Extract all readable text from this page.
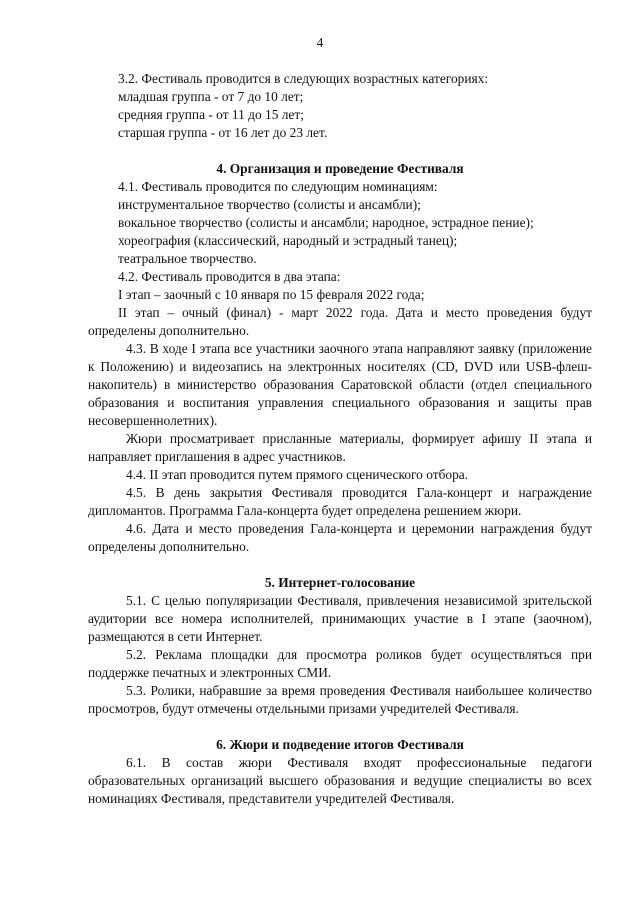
4

3.2. Фестиваль проводится в следующих возрастных категориях:

младшая группа - от 7 до 10 лет;

средняя группа - от 11 до 15 лет;

старшая группа - от 16 лет до 23 лет.

4. Организация и проведение Фестиваля

4.1. Фестиваль проводится по следующим номинациям:

инструментальное творчество (солисты и ансамбли);

вокальное творчество (солисты и ансамбли; народное, эстрадное пение);

хореография (классический, народный и эстрадный танец);

театральное творчество.

4.2. Фестиваль проводится в два этапа:

I этап – заочный с 10 января по 15 февраля 2022 года;

II этап – очный (финал) - март 2022 года. Дата и место проведения будут определены дополнительно.

4.3. В ходе I этапа все участники заочного этапа направляют заявку (приложение к Положению) и видеозапись на электронных носителях (CD, DVD или USB-флеш-накопитель) в министерство образования Саратовской области (отдел специального образования и воспитания управления специального образования и защиты прав несовершеннолетних).

Жюри просматривает присланные материалы, формирует афишу II этапа и направляет приглашения в адрес участников.

4.4. II этап проводится путем прямого сценического отбора.

4.5. В день закрытия Фестиваля проводится Гала-концерт и награждение дипломантов. Программа Гала-концерта будет определена решением жюри.

4.6. Дата и место проведения Гала-концерта и церемонии награждения будут определены дополнительно.

5. Интернет-голосование

5.1. С целью популяризации Фестиваля, привлечения независимой зрительской аудитории все номера исполнителей, принимающих участие в I этапе (заочном), размещаются в сети Интернет.

5.2. Реклама площадки для просмотра роликов будет осуществляться при поддержке печатных и электронных СМИ.

5.3. Ролики, набравшие за время проведения Фестиваля наибольшее количество просмотров, будут отмечены отдельными призами учредителей Фестиваля.

6. Жюри и подведение итогов Фестиваля

6.1. В состав жюри Фестиваля входят профессиональные педагоги образовательных организаций высшего образования и ведущие специалисты во всех номинациях Фестиваля, представители учредителей Фестиваля.
